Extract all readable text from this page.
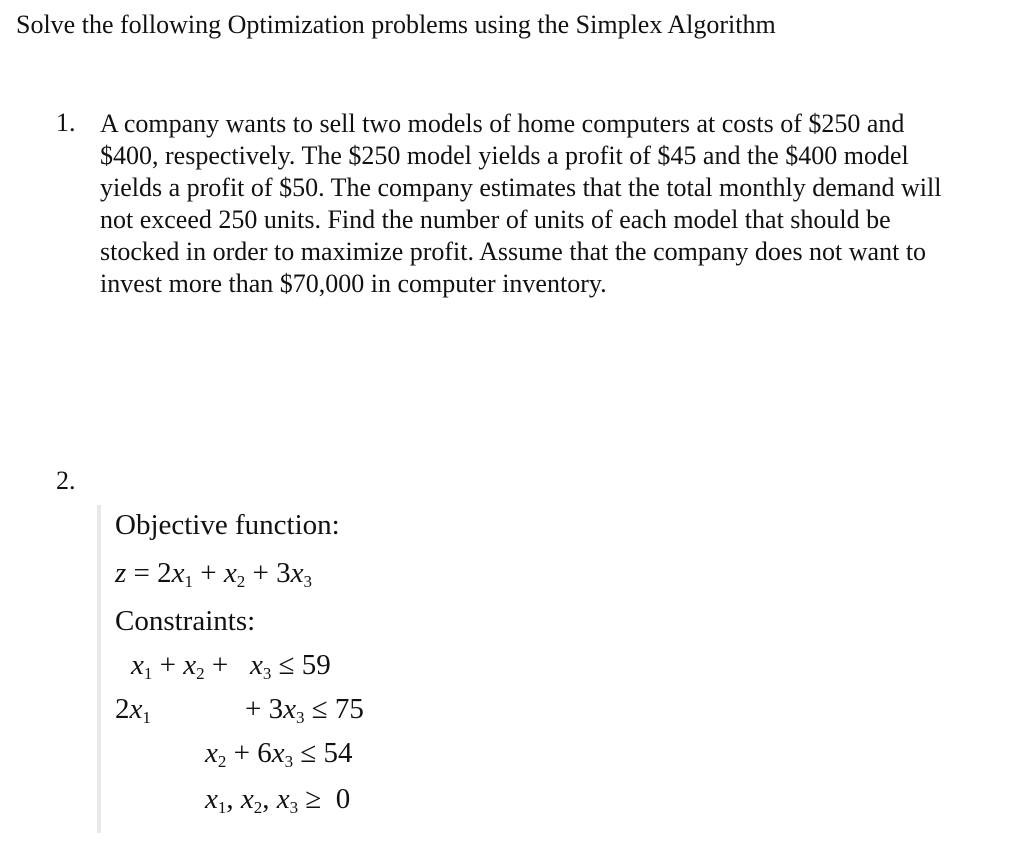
Solve the following Optimization problems using the Simplex Algorithm
1. A company wants to sell two models of home computers at costs of $250 and
$400, respectively. The $250 model yields a profit of $45 and the $400 model
yields a profit of $50. The company estimates that the total monthly demand will
not exceed 250 units. Find the number of units of each model that should be
stocked in order to maximize profit. Assume that the company does not want to
invest more than $70,000 in computer inventory.
2.
Objective function:
$z = 2x_1 + x_2 + 3x_3$
Constraints:
$x_1 + x_2 + x_3 \le 59$
$2x_1$	+ $3x_3 \le 75$
$x_2 + 6x_3 \le 54$
$x_1$, $x_2$, $x_3 \ge 0$
